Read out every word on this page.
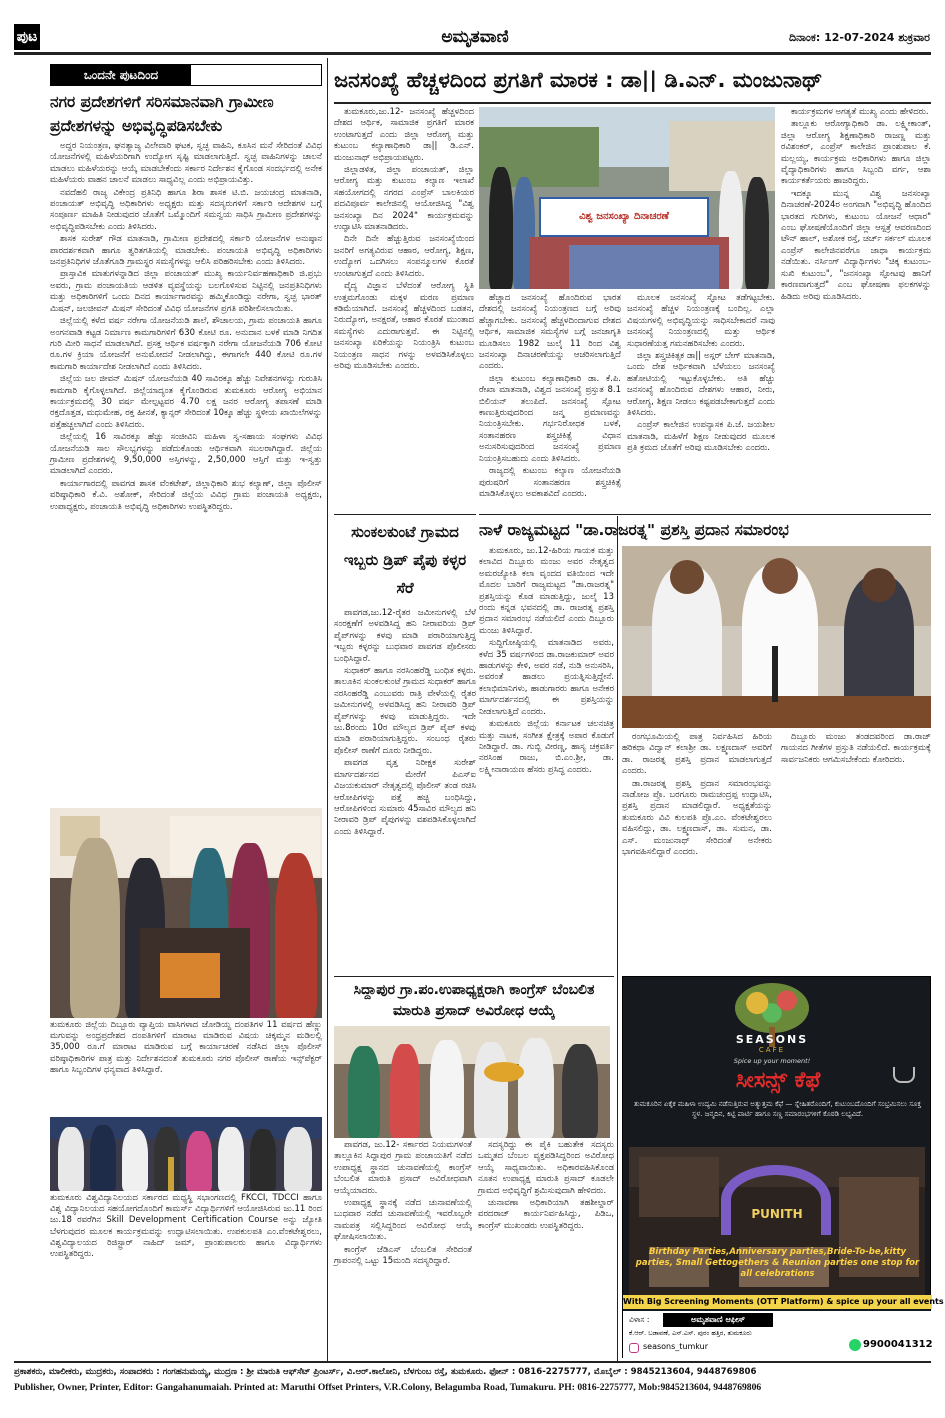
ಪುಟ 4
ಅಮೃತವಾಣಿ	ದಿನಾಂಕ: 12-07-2024 ಶುಕ್ರವಾರ
ಒಂದನೇ ಪುಟದಿಂದ
ನಗರ ಪ್ರದೇಶಗಳಿಗೆ ಸರಿಸಮಾನವಾಗಿ ಗ್ರಾಮೀಣ ಪ್ರದೇಶಗಳನ್ನು ಅಭಿವೃದ್ಧಿಪಡಿಸಬೇಕು

ಅದ್ದರ ನಿಯಂತ್ರಣ, ಘನತ್ಯಾಜ್ಯ ವಿಲೇವಾರಿ ಘಟಕ, ಸ್ವಚ್ಛ ವಾಹಿನಿ, ಕೂಸಿನ ಮನೆ ಸೇರಿದಂತೆ ವಿವಿಧ ಯೋಜನೆಗಳಲ್ಲಿ ಮಹಿಳೆಯರಿಗಾಗಿ ಉದ್ಯೋಗ ಸೃಷ್ಟಿ ಮಾಡಲಾಗುತ್ತಿದೆ. ಸ್ವಚ್ಛ ವಾಹಿನಿಗಳನ್ನು ಚಾಲನೆ ಮಾಡಲು ಮಹಿಳೆಯರನ್ನು ಆಯ್ಕೆ ಮಾಡಬೇಕೆಂದು ಸರ್ಕಾರ ನಿರ್ದೇಶನ ಕೈಗೊಂಡ ಸಂದರ್ಭದಲ್ಲಿ ಅನೇಕ ಮಹಿಳೆಯರು ವಾಹನ ಚಾಲನೆ ಮಾಡಲು ಸಾಧ್ಯವಿಲ್ಲ ಎಂದು ಅಭಿಪ್ರಾಯವಿತ್ತು.

ನವದೆಹಲಿ ರಾಜ್ಯ ವಿಕೇಂದ್ರ ಪ್ರತಿನಿಧಿ ಹಾಗೂ ಶಿರಾ ಶಾಸಕ ಟಿ.ಬಿ. ಜಯಚಂದ್ರ ಮಾತನಾಡಿ, ಪಂಚಾಯತ್ ಅಭಿವೃದ್ಧಿ ಅಧಿಕಾರಿಗಳು ಅಧ್ಯಕ್ಷರು ಮತ್ತು ಸದಸ್ಯರುಗಳಿಗೆ ಸರ್ಕಾರಿ ಆದೇಶಗಳ ಬಗ್ಗೆ ಸಂಪೂರ್ಣ ಮಾಹಿತಿ ನೀಡುವುದರ ಜೊತೆಗೆ ಒಮ್ಮೊಂದಿಗೆ ಸಮನ್ವಯ ಸಾಧಿಸಿ ಗ್ರಾಮೀಣ ಪ್ರದೇಶಗಳನ್ನು ಅಭಿವೃದ್ಧಿಪಡಿಸಬೇಕು ಎಂದು ತಿಳಿಸಿದರು.

ಶಾಸಕ ಸುರೇಶ್ ಗೌಡ ಮಾತನಾಡಿ, ಗ್ರಾಮೀಣ ಪ್ರದೇಶದಲ್ಲಿ ಸರ್ಕಾರಿ ಯೋಜನೆಗಳ ಅನುಷ್ಠಾನ ಪಾರದರ್ಶಕವಾಗಿ ಹಾಗೂ ತ್ವರಿತಗತಿಯಲ್ಲಿ ಮಾಡಬೇಕು. ಪಂಚಾಯತಿ ಅಭಿವೃದ್ಧಿ ಅಧಿಕಾರಿಗಳು ಜನಪ್ರತಿನಿಧಿಗಳ ಜೊತೆಗೂಡಿ ಗ್ರಾಮಸ್ಥರ ಸಮಸ್ಯೆಗಳನ್ನು ಆಲಿಸಿ ಪರಿಹರಿಸಬೇಕು ಎಂದು ತಿಳಿಸಿದರು.

ಪ್ರಾಸ್ತಾವಿಕ ಮಾತುಗಳನ್ನಾಡಿದ ಜಿಲ್ಲಾ ಪಂಚಾಯತ್ ಮುಖ್ಯ ಕಾರ್ಯನಿರ್ವಹಣಾಧಿಕಾರಿ ಜಿ.ಪ್ರಭು ಅವರು, ಗ್ರಾಮ ಪಂಚಾಯತಿಯ ಆಡಳಿತ ವ್ಯವಸ್ಥೆಯನ್ನು ಬಲಗೊಳಿಸುವ ನಿಟ್ಟಿನಲ್ಲಿ ಜನಪ್ರತಿನಿಧಿಗಳು ಮತ್ತು ಅಧಿಕಾರಿಗಳಿಗೆ ಒಂದು ದಿನದ ಕಾರ್ಯಾಗಾರವನ್ನು ಹಮ್ಮಿಕೊಂಡಿದ್ದು ನರೇಗಾ, ಸ್ವಚ್ಛ ಭಾರತ್ ಮಿಷನ್, ಜಲಜೀವನ್ ಮಿಷನ್ ಸೇರಿದಂತೆ ವಿವಿಧ ಯೋಜನೆಗಳ ಪ್ರಗತಿ ಪರಿಶೀಲಿಸಲಾಯಿತು.

ಜಿಲ್ಲೆಯಲ್ಲಿ ಕಳೆದ ವರ್ಷ ನರೇಗಾ ಯೋಜನೆಯಡಿ ಶಾಲೆ, ಶೌಚಾಲಯ, ಗ್ರಾಮ ಪಂಚಾಯತಿ ಹಾಗೂ ಅಂಗನವಾಡಿ ಕಟ್ಟಡ ನಿರ್ಮಾಣ ಕಾಮಗಾರಿಗಳಿಗೆ 630 ಕೋಟಿ ರೂ. ಅನುದಾನ ಬಳಕೆ ಮಾಡಿ ನಿಗದಿತ ಗುರಿ ಮೀರಿ ಸಾಧನೆ ಮಾಡಲಾಗಿದೆ. ಪ್ರಸಕ್ತ ಆರ್ಥಿಕ ವರ್ಷಕ್ಕಾಗಿ ನರೇಗಾ ಯೋಜನೆಯಡಿ 706 ಕೋಟಿ ರೂ.ಗಳ ಕ್ರಿಯಾ ಯೋಜನೆಗೆ ಅನುಮೋದನೆ ನೀಡಲಾಗಿದ್ದು, ಈಗಾಗಲೇ 440 ಕೋಟಿ ರೂ.ಗಳ ಕಾಮಗಾರಿ ಕಾರ್ಯಾದೇಶ ನೀಡಲಾಗಿದೆ ಎಂದು ತಿಳಿಸಿದರು.

ಜಿಲ್ಲೆಯ ಜಲ ಜೀವನ್ ಮಿಷನ್ ಯೋಜನೆಯಡಿ 40 ಸಾವಿರಕ್ಕೂ ಹೆಚ್ಚು ನಿವೇಶನಗಳನ್ನು ಗುರುತಿಸಿ ಕಾಮಗಾರಿ ಕೈಗೊಳ್ಳಲಾಗಿದೆ. ಜಿಲ್ಲೆಯಾದ್ಯಂತ ಕೈಗೊಂಡಿರುವ ತುಮಕೂರು ಆರೋಗ್ಯ ಅಭಿಯಾನ ಕಾರ್ಯಕ್ರಮದಲ್ಲಿ 30 ವರ್ಷ ಮೇಲ್ಪಟ್ಟವರ 4.70 ಲಕ್ಷ ಜನರ ಆರೋಗ್ಯ ತಪಾಸಣೆ ಮಾಡಿ ರಕ್ತದೊತ್ತಡ, ಮಧುಮೇಹ, ರಕ್ತ ಹೀನತೆ, ಕ್ಯಾನ್ಸರ್ ಸೇರಿದಂತೆ 10ಕ್ಕೂ ಹೆಚ್ಚು ಸ್ಥಳೀಯ ಖಾಯಿಲೆಗಳನ್ನು ಪತ್ತೆಹಚ್ಚಲಾಗಿದೆ ಎಂದು ತಿಳಿಸಿದರು.

ಜಿಲ್ಲೆಯಲ್ಲಿ 16 ಸಾವಿರಕ್ಕೂ ಹೆಚ್ಚು ಸಂಜೀವಿನಿ ಮಹಿಳಾ ಸ್ವ-ಸಹಾಯ ಸಂಘಗಳು ವಿವಿಧ ಯೋಜನೆಯಡಿ ಸಾಲ ಸೌಲಭ್ಯಗಳನ್ನು ಪಡೆದುಕೊಂಡು ಆರ್ಥಿಕವಾಗಿ ಸಬಲರಾಗಿದ್ದಾರೆ. ಜಿಲ್ಲೆಯ ಗ್ರಾಮೀಣ ಪ್ರದೇಶಗಳಲ್ಲಿ 9,50,000 ಅಸ್ತಿಗಳನ್ನು, 2,50,000 ಆಸ್ತಿಗೆ ಮತ್ತು ಇ-ಸ್ವತ್ತು ಮಾಡಲಾಗಿದೆ ಎಂದರು.

ಕಾರ್ಯಾಗಾರದಲ್ಲಿ ಪಾವಗಡ ಶಾಸಕ ವೆಂಕಟೇಶ್, ಜಿಲ್ಲಾಧಿಕಾರಿ ಶುಭ ಕಲ್ಯಾಣ್, ಜಿಲ್ಲಾ ಪೊಲೀಸ್ ವರಿಷ್ಠಾಧಿಕಾರಿ ಕೆ.ವಿ. ಅಶೋಕ್, ಸೇರಿದಂತೆ ಜಿಲ್ಲೆಯ ವಿವಿಧ ಗ್ರಾಮ ಪಂಚಾಯತಿ ಅಧ್ಯಕ್ಷರು, ಉಪಾಧ್ಯಕ್ಷರು, ಪಂಚಾಯತಿ ಅಭಿವೃದ್ಧಿ ಅಧಿಕಾರಿಗಳು ಉಪಸ್ಥಿತರಿದ್ದರು.

ತುಮಕೂರು ಜಿಲ್ಲೆಯ ದಿಬ್ಬೂರು ವ್ಯಾಪ್ತಿಯ ವಾಸಿಗಳಾದ ಜೋಡಿಯ್ದ ದಂಪತಿಗಳ 11 ವರ್ಷದ ಹೆಣ್ಣು ಮಗುವನ್ನು ಅಂಧ್ರಪ್ರದೇಶದ ದಂಪತಿಗಳಿಗೆ ಮಾರಾಟ ಮಾಡಿರುವ ವಿಷಯ ಚಿಕ್ಕಮ್ಮನ ಮಡಿಲಲ್ಲಿ 35,000 ರೂ.ಗೆ ಮಾರಾಟ ಮಾಡಿರುವ ಬಗ್ಗೆ ಕಾರ್ಯಾಚರಣೆ ನಡೆಸಿದ ಜಿಲ್ಲಾ ಪೊಲೀಸ್ ವರಿಷ್ಠಾಧಿಕಾರಿಗಳ ಪಾತ್ರ ಮತ್ತು ನಿರ್ದೇಶನದಂತೆ ತುಮಕೂರು ನಗರ ಪೊಲೀಸ್ ಠಾಣೆಯ ಇನ್ಸ್‌ಪೆಕ್ಟರ್ ಹಾಗೂ ಸಿಬ್ಬಂದಿಗಳ ಧನ್ಯವಾದ ತಿಳಿಸಿದ್ದಾರೆ.
ತುಮಕೂರು ವಿಶ್ವವಿದ್ಯಾನಿಲಯದ ಸರ್ಕಾರದ ಮಧ್ಯಸ್ಥಿ ಸಭಾಂಗಣದಲ್ಲಿ FKCCI, TDCCI ಹಾಗೂ ವಿಶ್ವ ವಿದ್ಯಾನಿಲಯದ ಸಹಯೋಗದೊಂದಿಗೆ ಕಾಮರ್ಸ್ ವಿದ್ಯಾರ್ಥಿಗಳಿಗೆ ಆಯೋಜಿಸಿರುವ ಜು.11 ರಿಂದ ಜು.18 ರವರೆಗಿನ Skill Development Certification Course ಅನ್ನು ಜ್ಯೋತಿ ಬೆಳಗುವುದರ ಮೂಲಕ ಕಾರ್ಯಕ್ರಮವನ್ನು ಉದ್ಘಾಟಿಸಲಾಯಿತು. ಉಪಕುಲಪತಿ ಎಂ.ವೆಂಕಟೇಶ್ವರಲು, ವಿಶ್ವವಿದ್ಯಾಲಯದ ರಿಜಿಸ್ಟ್ರಾರ್ ನಾಹಿದ್ ಜಮ್, ಪ್ರಾಂಶುಪಾಲರು ಹಾಗೂ ವಿದ್ಯಾರ್ಥಿಗಳು ಉಪಸ್ಥಿತರಿದ್ದರು.
ಜನಸಂಖ್ಯೆ ಹೆಚ್ಚಳದಿಂದ ಪ್ರಗತಿಗೆ ಮಾರಕ : ಡಾ|| ಡಿ.ಎನ್. ಮಂಜುನಾಥ್

ತುಮಕೂರು,ಜು.12- ಜನಸಂಖ್ಯೆ ಹೆಚ್ಚಳದಿಂದ ದೇಶದ ಆರ್ಥಿಕ, ಸಾಮಾಜಿಕ ಪ್ರಗತಿಗೆ ಮಾರಕ ಉಂಟಾಗುತ್ತದೆ ಎಂದು ಜಿಲ್ಲಾ ಆರೋಗ್ಯ ಮತ್ತು ಕುಟುಂಬ ಕಲ್ಯಾಣಾಧಿಕಾರಿ ಡಾ|| ಡಿ.ಎನ್. ಮಂಜುನಾಥ್ ಅಭಿಪ್ರಾಯಪಟ್ಟರು.

ಜಿಲ್ಲಾಡಳಿತ, ಜಿಲ್ಲಾ ಪಂಚಾಯತ್, ಜಿಲ್ಲಾ ಆರೋಗ್ಯ ಮತ್ತು ಕುಟುಂಬ ಕಲ್ಯಾಣ ಇಲಾಖೆ ಸಹಯೋಗದಲ್ಲಿ ನಗರದ ಎಂಪ್ರೆಸ್ ಬಾಲಕಿಯರ ಪದವಿಪೂರ್ವ ಕಾಲೇಜಿನಲ್ಲಿ ಆಯೋಜಿಸಿದ್ದ "ವಿಶ್ವ ಜನಸಂಖ್ಯಾ ದಿನ 2024" ಕಾರ್ಯಕ್ರಮವನ್ನು ಉದ್ಘಾಟಿಸಿ ಮಾತನಾಡಿದರು.

ದಿನೇ ದಿನೇ ಹೆಚ್ಚುತ್ತಿರುವ ಜನಸಂಖ್ಯೆಯಿಂದ ಜನರಿಗೆ ಅಗತ್ಯವಿರುವ ಆಹಾರ, ಆರೋಗ್ಯ, ಶಿಕ್ಷಣ, ಉದ್ಯೋಗ ಒದಗಿಸಲು ಸಂಪನ್ಮೂಲಗಳ ಕೊರತೆ ಉಂಟಾಗುತ್ತದೆ ಎಂದು ತಿಳಿಸಿದರು.

ವೈದ್ಯ ವಿಜ್ಞಾನ ಬೆಳೆದಂತೆ ಆರೋಗ್ಯ ಸ್ಥಿತಿ ಉತ್ತಮಗೊಂಡು ಮಕ್ಕಳ ಮರಣ ಪ್ರಮಾಣ ಕಡಿಮೆಯಾಗಿದೆ. ಜನಸಂಖ್ಯೆ ಹೆಚ್ಚಳದಿಂದ ಬಡತನ, ನಿರುದ್ಯೋಗ, ಅನಕ್ಷರತೆ, ಆಹಾರ ಕೊರತೆ ಮುಂತಾದ ಸಮಸ್ಯೆಗಳು ಎದುರಾಗುತ್ತವೆ. ಈ ನಿಟ್ಟಿನಲ್ಲಿ ಜನಸಂಖ್ಯಾ ಏರಿಕೆಯನ್ನು ನಿಯಂತ್ರಿಸಿ ಕುಟುಂಬ ನಿಯಂತ್ರಣ ಸಾಧನ ಗಳನ್ನು ಅಳವಡಿಸಿಕೊಳ್ಳಲು ಅರಿವು ಮೂಡಿಸಬೇಕು ಎಂದರು.

ವಿಶ್ವ ಜನಸಂಖ್ಯಾ ದಿನಾಚರಣೆ

ಹೆಚ್ಚಾದ ಜನಸಂಖ್ಯೆ ಹೊಂದಿರುವ ಭಾರತ ದೇಶದಲ್ಲಿ ಜನಸಂಖ್ಯೆ ನಿಯಂತ್ರಣದ ಬಗ್ಗೆ ಅರಿವು ಹೆಚ್ಚಾಗಬೇಕು. ಜನಸಂಖ್ಯೆ ಹೆಚ್ಚಳದಿಂದಾಗುವ ದೇಶದ ಆರ್ಥಿಕ, ಸಾಮಾಜಿಕ ಸಮಸ್ಯೆಗಳ ಬಗ್ಗೆ ಜನಜಾಗೃತಿ ಮೂಡಿಸಲು 1982 ಜುಲೈ 11 ರಿಂದ ವಿಶ್ವ ಜನಸಂಖ್ಯಾ ದಿನಾಚರಣೆಯನ್ನು ಆಚರಿಸಲಾಗುತ್ತಿದೆ ಎಂದರು.

ಜಿಲ್ಲಾ ಕುಟುಂಬ ಕಲ್ಯಾಣಾಧಿಕಾರಿ ಡಾ. ಕೆ.ಪಿ. ರೇಖಾ ಮಾತನಾಡಿ, ವಿಶ್ವದ ಜನಸಂಖ್ಯೆ ಪ್ರಸ್ತುತ 8.1 ಬಿಲಿಯನ್ ತಲುಪಿದೆ. ಜನಸಂಖ್ಯೆ ಸ್ಫೋಟ ಕಾಣುತ್ತಿರುವುದರಿಂದ ಜನ್ಮ ಪ್ರಮಾಣವನ್ನು ನಿಯಂತ್ರಿಸಬೇಕು. ಗರ್ಭನಿರೋಧಕ ಬಳಕೆ, ಸಂತಾನಹರಣ ಶಸ್ತ್ರಚಿಕಿತ್ಸೆ ವಿಧಾನ ಅನುಸರಿಸುವುದರಿಂದ ಜನಸಂಖ್ಯೆ ಪ್ರಮಾಣ ನಿಯಂತ್ರಿಸಬಹುದು ಎಂದು ತಿಳಿಸಿದರು.

ರಾಜ್ಯದಲ್ಲಿ ಕುಟುಂಬ ಕಲ್ಯಾಣ ಯೋಜನೆಯಡಿ ಪುರುಷರಿಗೆ ಸಂತಾನಹರಣ ಶಸ್ತ್ರಚಿಕಿತ್ಸೆ ಮಾಡಿಸಿಕೊಳ್ಳಲು ಅವಕಾಶವಿದೆ ಎಂದರು.

ಮೂಲಕ ಜನಸಂಖ್ಯೆ ಸ್ಫೋಟ ತಡೆಗಟ್ಟಬೇಕು. ಜನಸಂಖ್ಯೆ ಹೆಚ್ಚಳ ನಿಯಂತ್ರಣಕ್ಕೆ ಬಂದಿಲ್ಲ. ಎಲ್ಲಾ ವಿಷಯಗಳಲ್ಲಿ ಅಭಿವೃದ್ಧಿಯನ್ನು ಸಾಧಿಸಬೇಕಾದರೆ ನಾವು ಜನಸಂಖ್ಯೆ ನಿಯಂತ್ರಣದಲ್ಲಿ ಮತ್ತು ಆರ್ಥಿಕ ಸುಧಾರಣೆಯತ್ತ ಗಮನಹರಿಸಬೇಕು ಎಂದರು.

ಜಿಲ್ಲಾ ಶಸ್ತ್ರಚಿಕಿತ್ಸಕ ಡಾ|| ಅಸ್ಗರ್ ಬೇಗ್ ಮಾತನಾಡಿ, ಒಂದು ದೇಶ ಆರ್ಥಿಕವಾಗಿ ಬೆಳೆಯಲು ಜನಸಂಖ್ಯೆ ಹತೋಟಿಯಲ್ಲಿ ಇಟ್ಟುಕೊಳ್ಳಬೇಕು. ಅತಿ ಹೆಚ್ಚು ಜನಸಂಖ್ಯೆ ಹೊಂದಿರುವ ದೇಶಗಳು ಆಹಾರ, ನೀರು, ಆರೋಗ್ಯ, ಶಿಕ್ಷಣ ನೀಡಲು ಕಷ್ಟಪಡಬೇಕಾಗುತ್ತದೆ ಎಂದು ತಿಳಿಸಿದರು.

ಎಂಪ್ರೆಸ್ ಕಾಲೇಜಿನ ಉಪನ್ಯಾಸಕ ಪಿ.ಜೆ. ಜಯಶೀಲ ಮಾತನಾಡಿ, ಮಹಿಳೆಗೆ ಶಿಕ್ಷಣ ನೀಡುವುದರ ಮೂಲಕ ಪ್ರತಿ ಕ್ರಮದ ಜೊತೆಗೆ ಅರಿವು ಮೂಡಿಸಬೇಕು ಎಂದರು.

ಕಾರ್ಯಕ್ರಮಗಳ ಅಗತ್ಯತೆ ಮುಖ್ಯ ಎಂದು ಹೇಳಿದರು.

ತಾಲ್ಲೂಕು ಆರೋಗ್ಯಾಧಿಕಾರಿ ಡಾ. ಲಕ್ಷ್ಮೀಕಾಂತ್, ಜಿಲ್ಲಾ ಆರೋಗ್ಯ ಶಿಕ್ಷಣಾಧಿಕಾರಿ ರಾಜಣ್ಣ ಮತ್ತು ರವಿಶಂಕರ್, ಎಂಪ್ರೆಸ್ ಕಾಲೇಜಿನ ಪ್ರಾಂಶುಪಾಲ ಕೆ. ಮಲ್ಲಯ್ಯ, ಕಾರ್ಯಕ್ರಮ ಅಧಿಕಾರಿಗಳು ಹಾಗೂ ಜಿಲ್ಲಾ ವೈದ್ಯಾಧಿಕಾರಿಗಳು ಹಾಗೂ ಸಿಬ್ಬಂದಿ ವರ್ಗ, ಆಶಾ ಕಾರ್ಯಕರ್ತೆಯರು ಹಾಜರಿದ್ದರು.

ಇದಕ್ಕೂ ಮುನ್ನ ವಿಶ್ವ ಜನಸಂಖ್ಯಾ ದಿನಾಚರಣೆ-2024ರ ಅಂಗವಾಗಿ "ಅಭಿವೃದ್ಧಿ ಹೊಂದಿದ ಭಾರತದ ಗುರಿಗಳು, ಕುಟುಂಬ ಯೋಜನೆ ಆಧಾರ" ಎಂಬ ಘೋಷಣೆಯೊಂದಿಗೆ ಜಿಲ್ಲಾ ಆಸ್ಪತ್ರೆ ಆವರಣದಿಂದ ಟೌನ್ ಹಾಲ್, ಅಶೋಕ ರಸ್ತೆ, ಚರ್ಚ್ ಸರ್ಕಲ್ ಮೂಲಕ ಎಂಪ್ರೆಸ್ ಕಾಲೇಜಿನವರೆಗೂ ಜಾಥಾ ಕಾರ್ಯಕ್ರಮ ನಡೆಯಿತು. ನರ್ಸಿಂಗ್ ವಿದ್ಯಾರ್ಥಿಗಳು "ಚಿಕ್ಕ ಕುಟುಂಬ-ಸುಖಿ ಕುಟುಂಬ", "ಜನಸಂಖ್ಯಾ ಸ್ಫೋಟವು ಹಾನಿಗೆ ಕಾರಣವಾಗುತ್ತದೆ" ಎಂಬ ಘೋಷಣಾ ಫಲಕಗಳನ್ನು ಹಿಡಿದು ಅರಿವು ಮೂಡಿಸಿದರು.

ಸುಂಕಲಕುಂಟೆ ಗ್ರಾಮದ ಇಬ್ಬರು ಡ್ರಿಪ್ ಪೈಪು ಕಳ್ಳರ ಸೆರೆ

ಪಾವಗಡ,ಜು.12-ರೈತರ ಜಮೀನುಗಳಲ್ಲಿ ಬೆಳೆ ಸಂರಕ್ಷಣೆಗೆ ಅಳವಡಿಸಿದ್ದ ಹನಿ ನೀರಾವರಿಯ ಡ್ರಿಪ್ ಪೈಪ್‌ಗಳನ್ನು ಕಳವು ಮಾಡಿ ಪರಾರಿಯಾಗುತ್ತಿದ್ದ ಇಬ್ಬರು ಕಳ್ಳರನ್ನು ಬುಧವಾರ ಪಾವಗಡ ಪೊಲೀಸರು ಬಂಧಿಸಿದ್ದಾರೆ.

ಸುಧಾಕರ್ ಹಾಗೂ ನರಸಿಂಹರೆಡ್ಡಿ ಬಂಧಿತ ಕಳ್ಳರು. ತಾಲೂಕಿನ ಸುಂಕಲಕುಂಟೆ ಗ್ರಾಮದ ಸುಧಾಕರ್ ಹಾಗೂ ನರಸಿಂಹರೆಡ್ಡಿ ಎಂಬುವರು ರಾತ್ರಿ ವೇಳೆಯಲ್ಲಿ ರೈತರ ಜಮೀನುಗಳಲ್ಲಿ ಅಳವಡಿಸಿದ್ದ ಹನಿ ನೀರಾವರಿ ಡ್ರಿಪ್ ಪೈಪ್‌ಗಳನ್ನು ಕಳವು ಮಾಡುತ್ತಿದ್ದರು. ಇದೇ ಜು.8ರಂದು 10ರ ಮೌಲ್ಯದ ಡ್ರಿಪ್ ಪೈಪ್ ಕಳವು ಮಾಡಿ ಪರಾರಿಯಾಗುತ್ತಿದ್ದರು. ಸಂಬಂಧ ರೈತರು ಪೊಲೀಸ್ ಠಾಣೆಗೆ ದೂರು ನೀಡಿದ್ದರು.

ಪಾವಗಡ ವೃತ್ತ ನಿರೀಕ್ಷಕ ಸುರೇಶ್ ಮಾರ್ಗದರ್ಶನದ ಮೇರೆಗೆ ಪಿಎಸ್‌ಐ ವಿಜಯಕುಮಾರ್ ನೇತೃತ್ವದಲ್ಲಿ ಪೊಲೀಸ್ ತಂಡ ರಚಿಸಿ ಆರೋಪಿಗಳನ್ನು ಪತ್ತೆ ಹಚ್ಚಿ ಬಂಧಿಸಿದ್ದು, ಆರೋಪಿಗಳಿಂದ ಸುಮಾರು 45ಸಾವಿರ ಮೌಲ್ಯದ ಹನಿ ನೀರಾವರಿ ಡ್ರಿಪ್ ಪೈಪುಗಳನ್ನು ವಶಪಡಿಸಿಕೊಳ್ಳಲಾಗಿದೆ ಎಂದು ತಿಳಿಸಿದ್ದಾರೆ.

ನಾಳೆ ರಾಜ್ಯಮಟ್ಟದ "ಡಾ.ರಾಜರತ್ನ" ಪ್ರಶಸ್ತಿ ಪ್ರದಾನ ಸಮಾರಂಭ

ತುಮಕೂರು, ಜು.12-ಹಿರಿಯ ಗಾಯಕ ಮತ್ತು ಕಲಾವಿದ ದಿಬ್ಬೂರು ಮಂಜು ಅವರ ನೇತೃತ್ವದ ಅಮರಜ್ಯೋತಿ ಕಲಾ ವೃಂದದ ವತಿಯಿಂದ ಇದೇ ಮೊದಲ ಬಾರಿಗೆ ರಾಜ್ಯಮಟ್ಟದ "ಡಾ.ರಾಜರತ್ನ" ಪ್ರಶಸ್ತಿಯನ್ನು ಕೊಡ ಮಾಡುತ್ತಿದ್ದು, ಜುಲೈ 13 ರಂದು ಕನ್ನಡ ಭವನದಲ್ಲಿ ಡಾ. ರಾಜರತ್ನ ಪ್ರಶಸ್ತಿ ಪ್ರದಾನ ಸಮಾರಂಭ ನಡೆಯಲಿದೆ ಎಂದು ದಿಬ್ಬೂರು ಮಂಜು ತಿಳಿಸಿದ್ದಾರೆ.

ಸುದ್ದಿಗೋಷ್ಠಿಯಲ್ಲಿ ಮಾತನಾಡಿದ ಅವರು, ಕಳೆದ 35 ವರ್ಷಗಳಿಂದ ಡಾ.ರಾಜಕುಮಾರ್ ಅವರ ಹಾಡುಗಳನ್ನು ಕೇಳಿ, ಅವರ ನಡೆ, ನುಡಿ ಅನುಸರಿಸಿ, ಅವರಂತೆ ಹಾಡಲು ಪ್ರಯತ್ನಿಸುತ್ತಿದ್ದೇನೆ. ಕಲಾಭಿಮಾನಿಗಳು, ಹಾಡುಗಾರರು ಹಾಗೂ ಅನೇಕರ ಮಾರ್ಗದರ್ಶನದಲ್ಲಿ ಈ ಪ್ರಶಸ್ತಿಯನ್ನು ನೀಡಲಾಗುತ್ತಿದೆ ಎಂದರು.

ತುಮಕೂರು ಜಿಲ್ಲೆಯ ಕರ್ನಾಟಕ ಚಲನಚಿತ್ರ ಮತ್ತು ನಾಟಕ, ಸಂಗೀತ ಕ್ಷೇತ್ರಕ್ಕೆ ಅಪಾರ ಕೊಡುಗೆ ನೀಡಿದ್ದಾರೆ. ಡಾ. ಗುಬ್ಬಿ ವೀರಣ್ಣ, ಹಾಸ್ಯ ಚಕ್ರವರ್ತಿ ನರಸಿಂಹ ರಾಜು, ಬಿ.ಎಂ.ಶ್ರೀ, ಡಾ. ಲಕ್ಷ್ಮೀನಾರಾಯಣ ಹೆಸರು ಪ್ರಸಿದ್ಧ ಎಂದರು.

ರಂಗಭೂಮಿಯಲ್ಲಿ ಪಾತ್ರ ನಿರ್ವಹಿಸಿದ ಹಿರಿಯ ಹರಿಕಥಾ ವಿದ್ವಾನ್ ಕಲಾಶ್ರೀ ಡಾ. ಲಕ್ಷ್ಮಣದಾಸ್ ಅವರಿಗೆ ಡಾ. ರಾಜರತ್ನ ಪ್ರಶಸ್ತಿ ಪ್ರದಾನ ಮಾಡಲಾಗುತ್ತದೆ ಎಂದರು.

ಡಾ.ರಾಜರತ್ನ ಪ್ರಶಸ್ತಿ ಪ್ರದಾನ ಸಮಾರಂಭವನ್ನು ನಾಡೋಜ ಪ್ರೊ. ಬರಗೂರು ರಾಮಚಂದ್ರಪ್ಪ ಉದ್ಘಾಟಿಸಿ, ಪ್ರಶಸ್ತಿ ಪ್ರದಾನ ಮಾಡಲಿದ್ದಾರೆ. ಅಧ್ಯಕ್ಷತೆಯನ್ನು ತುಮಕೂರು ವಿವಿ ಕುಲಪತಿ ಪ್ರೊ.ಎಂ. ವೆಂಕಟೇಶ್ವರಲು ವಹಿಸಲಿದ್ದು, ಡಾ. ಲಕ್ಷ್ಮಣದಾಸ್, ಡಾ. ಸುಮನ, ಡಾ. ಎಸ್. ಮಂಜುನಾಥ್ ಸೇರಿದಂತೆ ಅನೇಕರು ಭಾಗವಹಿಸಲಿದ್ದಾರೆ ಎಂದರು.

ದಿಬ್ಬೂರು ಮಂಜು ತಂಡದವರಿಂದ ಡಾ.ರಾಜ್ ಗಾಯನದ ಗೀತೆಗಳ ಪ್ರಸ್ತುತಿ ನಡೆಯಲಿದೆ. ಕಾರ್ಯಕ್ರಮಕ್ಕೆ ಸಾರ್ವಜನಿಕರು ಆಗಮಿಸಬೇಕೆಂದು ಕೋರಿದರು.

ಸಿದ್ದಾಪುರ ಗ್ರಾ.ಪಂ.ಉಪಾಧ್ಯಕ್ಷರಾಗಿ ಕಾಂಗ್ರೆಸ್ ಬೆಂಬಲಿತ ಮಾರುತಿ ಪ್ರಸಾದ್ ಅವಿರೋಧ ಆಯ್ಕೆ

ಪಾವಗಡ, ಜು.12- ಸರ್ಕಾರದ ನಿಯಮಗಳಂತೆ ತಾಲ್ಲೂಕಿನ ಸಿದ್ದಾಪುರ ಗ್ರಾಮ ಪಂಚಾಯತಿಗೆ ನಡೆದ ಉಪಾಧ್ಯಕ್ಷ ಸ್ಥಾನದ ಚುನಾವಣೆಯಲ್ಲಿ ಕಾಂಗ್ರೆಸ್ ಬೆಂಬಲಿತ ಮಾರುತಿ ಪ್ರಸಾದ್ ಅವಿರೋಧವಾಗಿ ಆಯ್ಕೆಯಾದರು.

ಉಪಾಧ್ಯಕ್ಷ ಸ್ಥಾನಕ್ಕೆ ನಡೆದ ಚುನಾವಣೆಯಲ್ಲಿ ಬುಧವಾರ ನಡೆದ ಚುನಾವಣೆಯಲ್ಲಿ ಇವರೊಬ್ಬರೇ ನಾಮಪತ್ರ ಸಲ್ಲಿಸಿದ್ದರಿಂದ ಅವಿರೋಧ ಆಯ್ಕೆ ಘೋಷಿಸಲಾಯಿತು.

ಕಾಂಗ್ರೆಸ್ ಜೆಡಿಎಸ್ ಬೆಂಬಲಿತ ಸೇರಿದಂತೆ ಗ್ರಾಪಂನಲ್ಲಿ ಒಟ್ಟು 15ಮಂದಿ ಸದಸ್ಯರಿದ್ದಾರೆ.

ಸದಸ್ಯರಿದ್ದು ಈ ಪೈಕಿ ಬಹುತೇಕ ಸದಸ್ಯರು ಒಮ್ಮತದ ಬೆಂಬಲ ವ್ಯಕ್ತಪಡಿಸಿದ್ದರಿಂದ ಅವಿರೋಧ ಆಯ್ಕೆ ಸಾಧ್ಯವಾಯಿತು. ಅಧಿಕಾರವಹಿಸಿಕೊಂಡ ನೂತನ ಉಪಾಧ್ಯಕ್ಷ ಮಾರುತಿ ಪ್ರಸಾದ್ ಕೂಡಲೇ ಗ್ರಾಮದ ಅಭಿವೃದ್ಧಿಗೆ ಶ್ರಮಿಸುವುದಾಗಿ ಹೇಳಿದರು.

ಚುನಾವಣಾ ಅಧಿಕಾರಿಯಾಗಿ ತಹಶೀಲ್ದಾರ್ ವರದರಾಜ್ ಕಾರ್ಯನಿರ್ವಹಿಸಿದ್ದು, ಪಿಡಿಒ, ಕಾಂಗ್ರೆಸ್ ಮುಖಂಡರು ಉಪಸ್ಥಿತರಿದ್ದರು.

SEASONS
CAFE
Spice up your moment!
ಸೀಸನ್ಸ್ ಕೆಫೆ
ತುಮಕೂರಿನ ಏಕೈಕ ಮಹಿಳಾ ಉದ್ಯಮಿ ನಡೆಸುತ್ತಿರುವ ಅತ್ಯುತ್ತಮ ಕೆಫೆ — ಸ್ನೇಹಿತರೊಂದಿಗೆ, ಕುಟುಂಬದೊಂದಿಗೆ ಸಂಭ್ರಮಿಸಲು ಸೂಕ್ತ ಸ್ಥಳ. ಜನ್ಮದಿನ, ಕಿಟ್ಟಿ ಪಾರ್ಟಿ ಹಾಗೂ ಸಣ್ಣ ಸಮಾರಂಭಗಳಿಗೆ ಕೊಠಡಿ ಲಭ್ಯವಿದೆ.
PUNITH
Birthday Parties,Anniversary parties,Bride-To-be,kitty parties, Small Gettogethers & Reunion parties one stop for all celebrations
With Big Screening Moments (OTT Platform) & spice up your all events
ವಿಳಾಸ :	ಅಮೃತವಾಣಿ ಆಫೀಸ್
ಕೆ.ಆರ್. ಬಡಾವಣೆ, ಎಸ್.ಎಸ್. ಪುರಂ ಹತ್ತಿರ, ತುಮಕೂರು
seasons_tumkur	9900041312
ಪ್ರಕಾಶಕರು, ಮಾಲೀಕರು, ಮುದ್ರಕರು, ಸಂಪಾದಕರು : ಗಂಗಹನುಮಯ್ಯ, ಮುದ್ರಣ : ಶ್ರೀ ಮಾರುತಿ ಆಫ್‌ಸೆಟ್ ಪ್ರಿಂಟರ್ಸ್, ವಿ.ಆರ್.ಕಾಲೋನಿ, ಬೆಳಗುಂಬ ರಸ್ತೆ, ತುಮಕೂರು. ಫೋನ್ : 0816-2275777, ಮೊಬೈಲ್ : 9845213604, 9448769806
Publisher, Owner, Printer, Editor: Gangahanumaiah. Printed at: Maruthi Offset Printers, V.R.Colony, Belagumba Road, Tumakuru. PH: 0816-2275777, Mob:9845213604, 9448769806
